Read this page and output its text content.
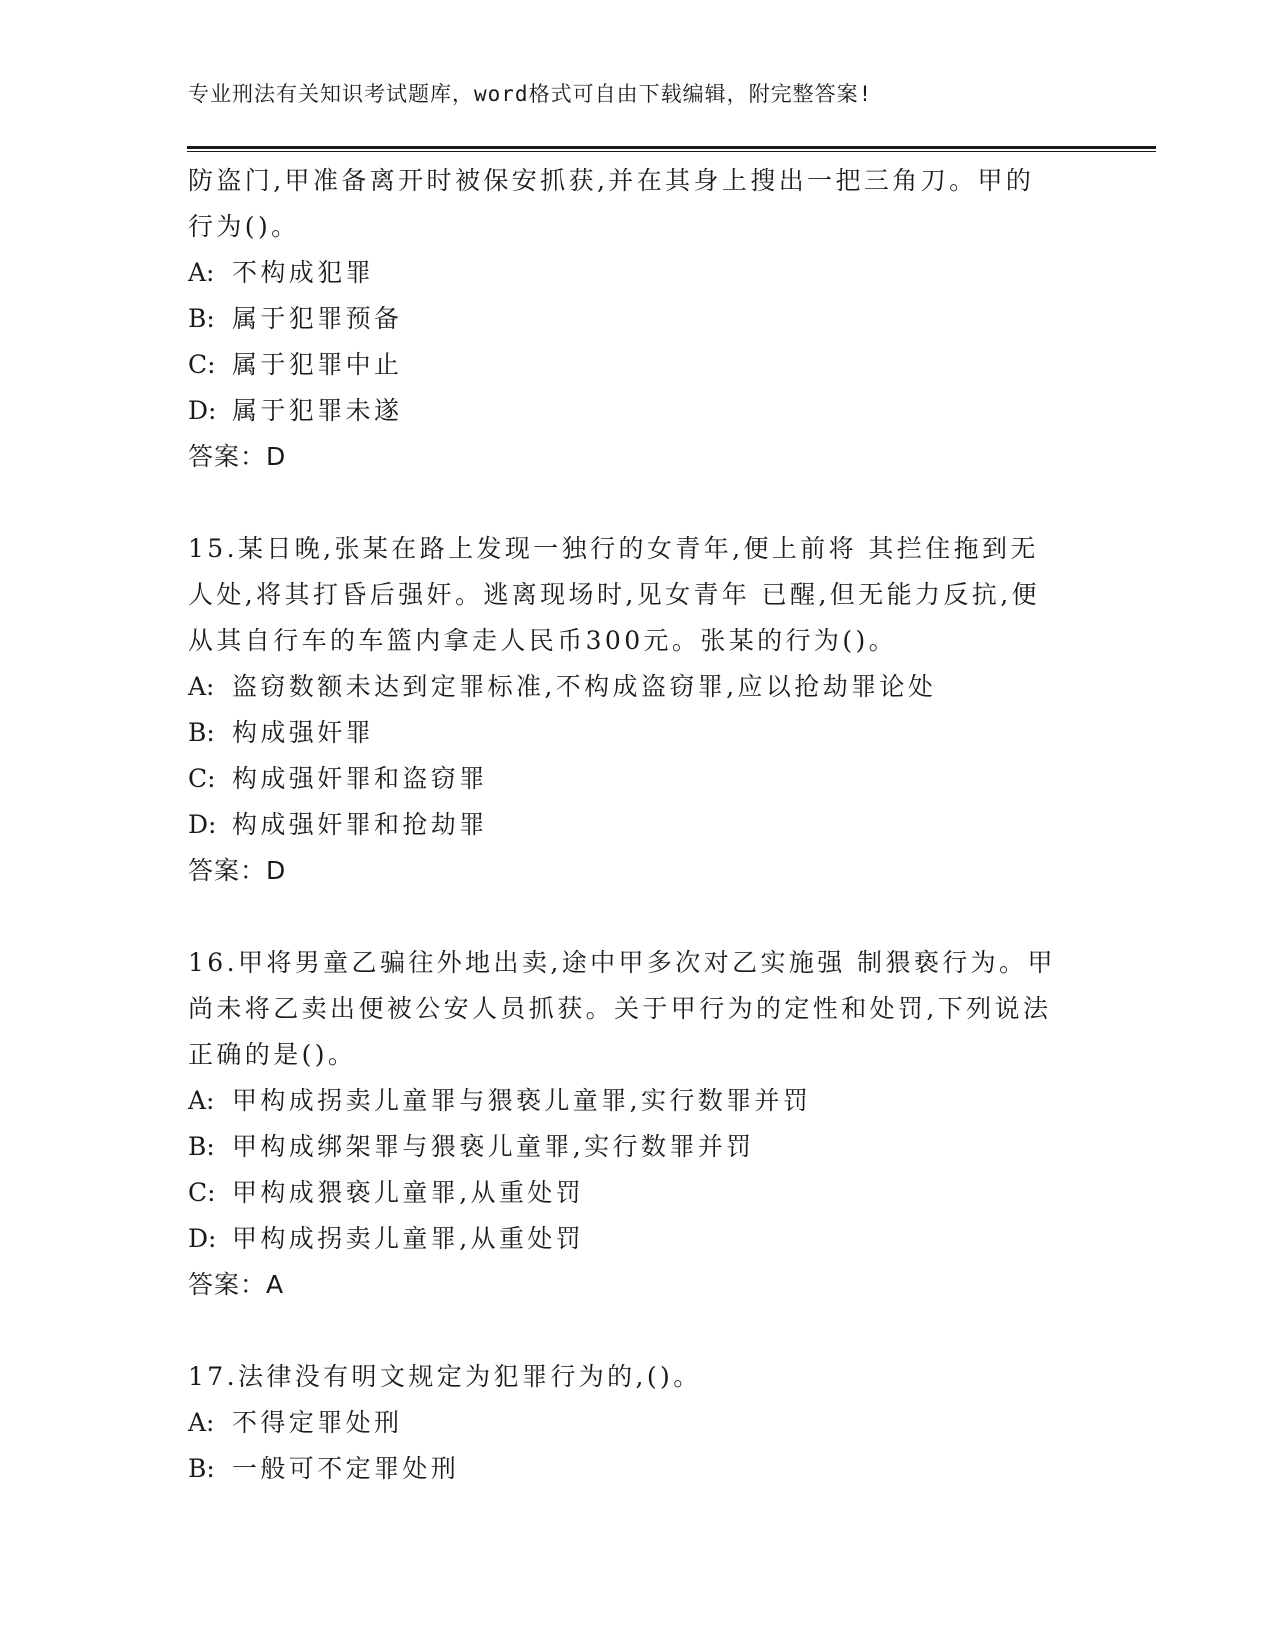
专业刑法有关知识考试题库，word格式可自由下载编辑，附完整答案!
防盗门,甲准备离开时被保安抓获,并在其身上搜出一把三角刀。甲的
行为()。
A: 不构成犯罪
B: 属于犯罪预备
C: 属于犯罪中止
D: 属于犯罪未遂
答案：D
15.某日晚,张某在路上发现一独行的女青年,便上前将 其拦住拖到无
人处,将其打昏后强奸。逃离现场时,见女青年 已醒,但无能力反抗,便
从其自行车的车篮内拿走人民币300元。张某的行为()。
A: 盗窃数额未达到定罪标准,不构成盗窃罪,应以抢劫罪论处
B: 构成强奸罪
C: 构成强奸罪和盗窃罪
D: 构成强奸罪和抢劫罪
答案：D
16.甲将男童乙骗往外地出卖,途中甲多次对乙实施强 制猥亵行为。甲
尚未将乙卖出便被公安人员抓获。关于甲行为的定性和处罚,下列说法
正确的是()。
A: 甲构成拐卖儿童罪与猥亵儿童罪,实行数罪并罚
B: 甲构成绑架罪与猥亵儿童罪,实行数罪并罚
C: 甲构成猥亵儿童罪,从重处罚
D: 甲构成拐卖儿童罪,从重处罚
答案：A
17.法律没有明文规定为犯罪行为的,()。
A: 不得定罪处刑
B: 一般可不定罪处刑
